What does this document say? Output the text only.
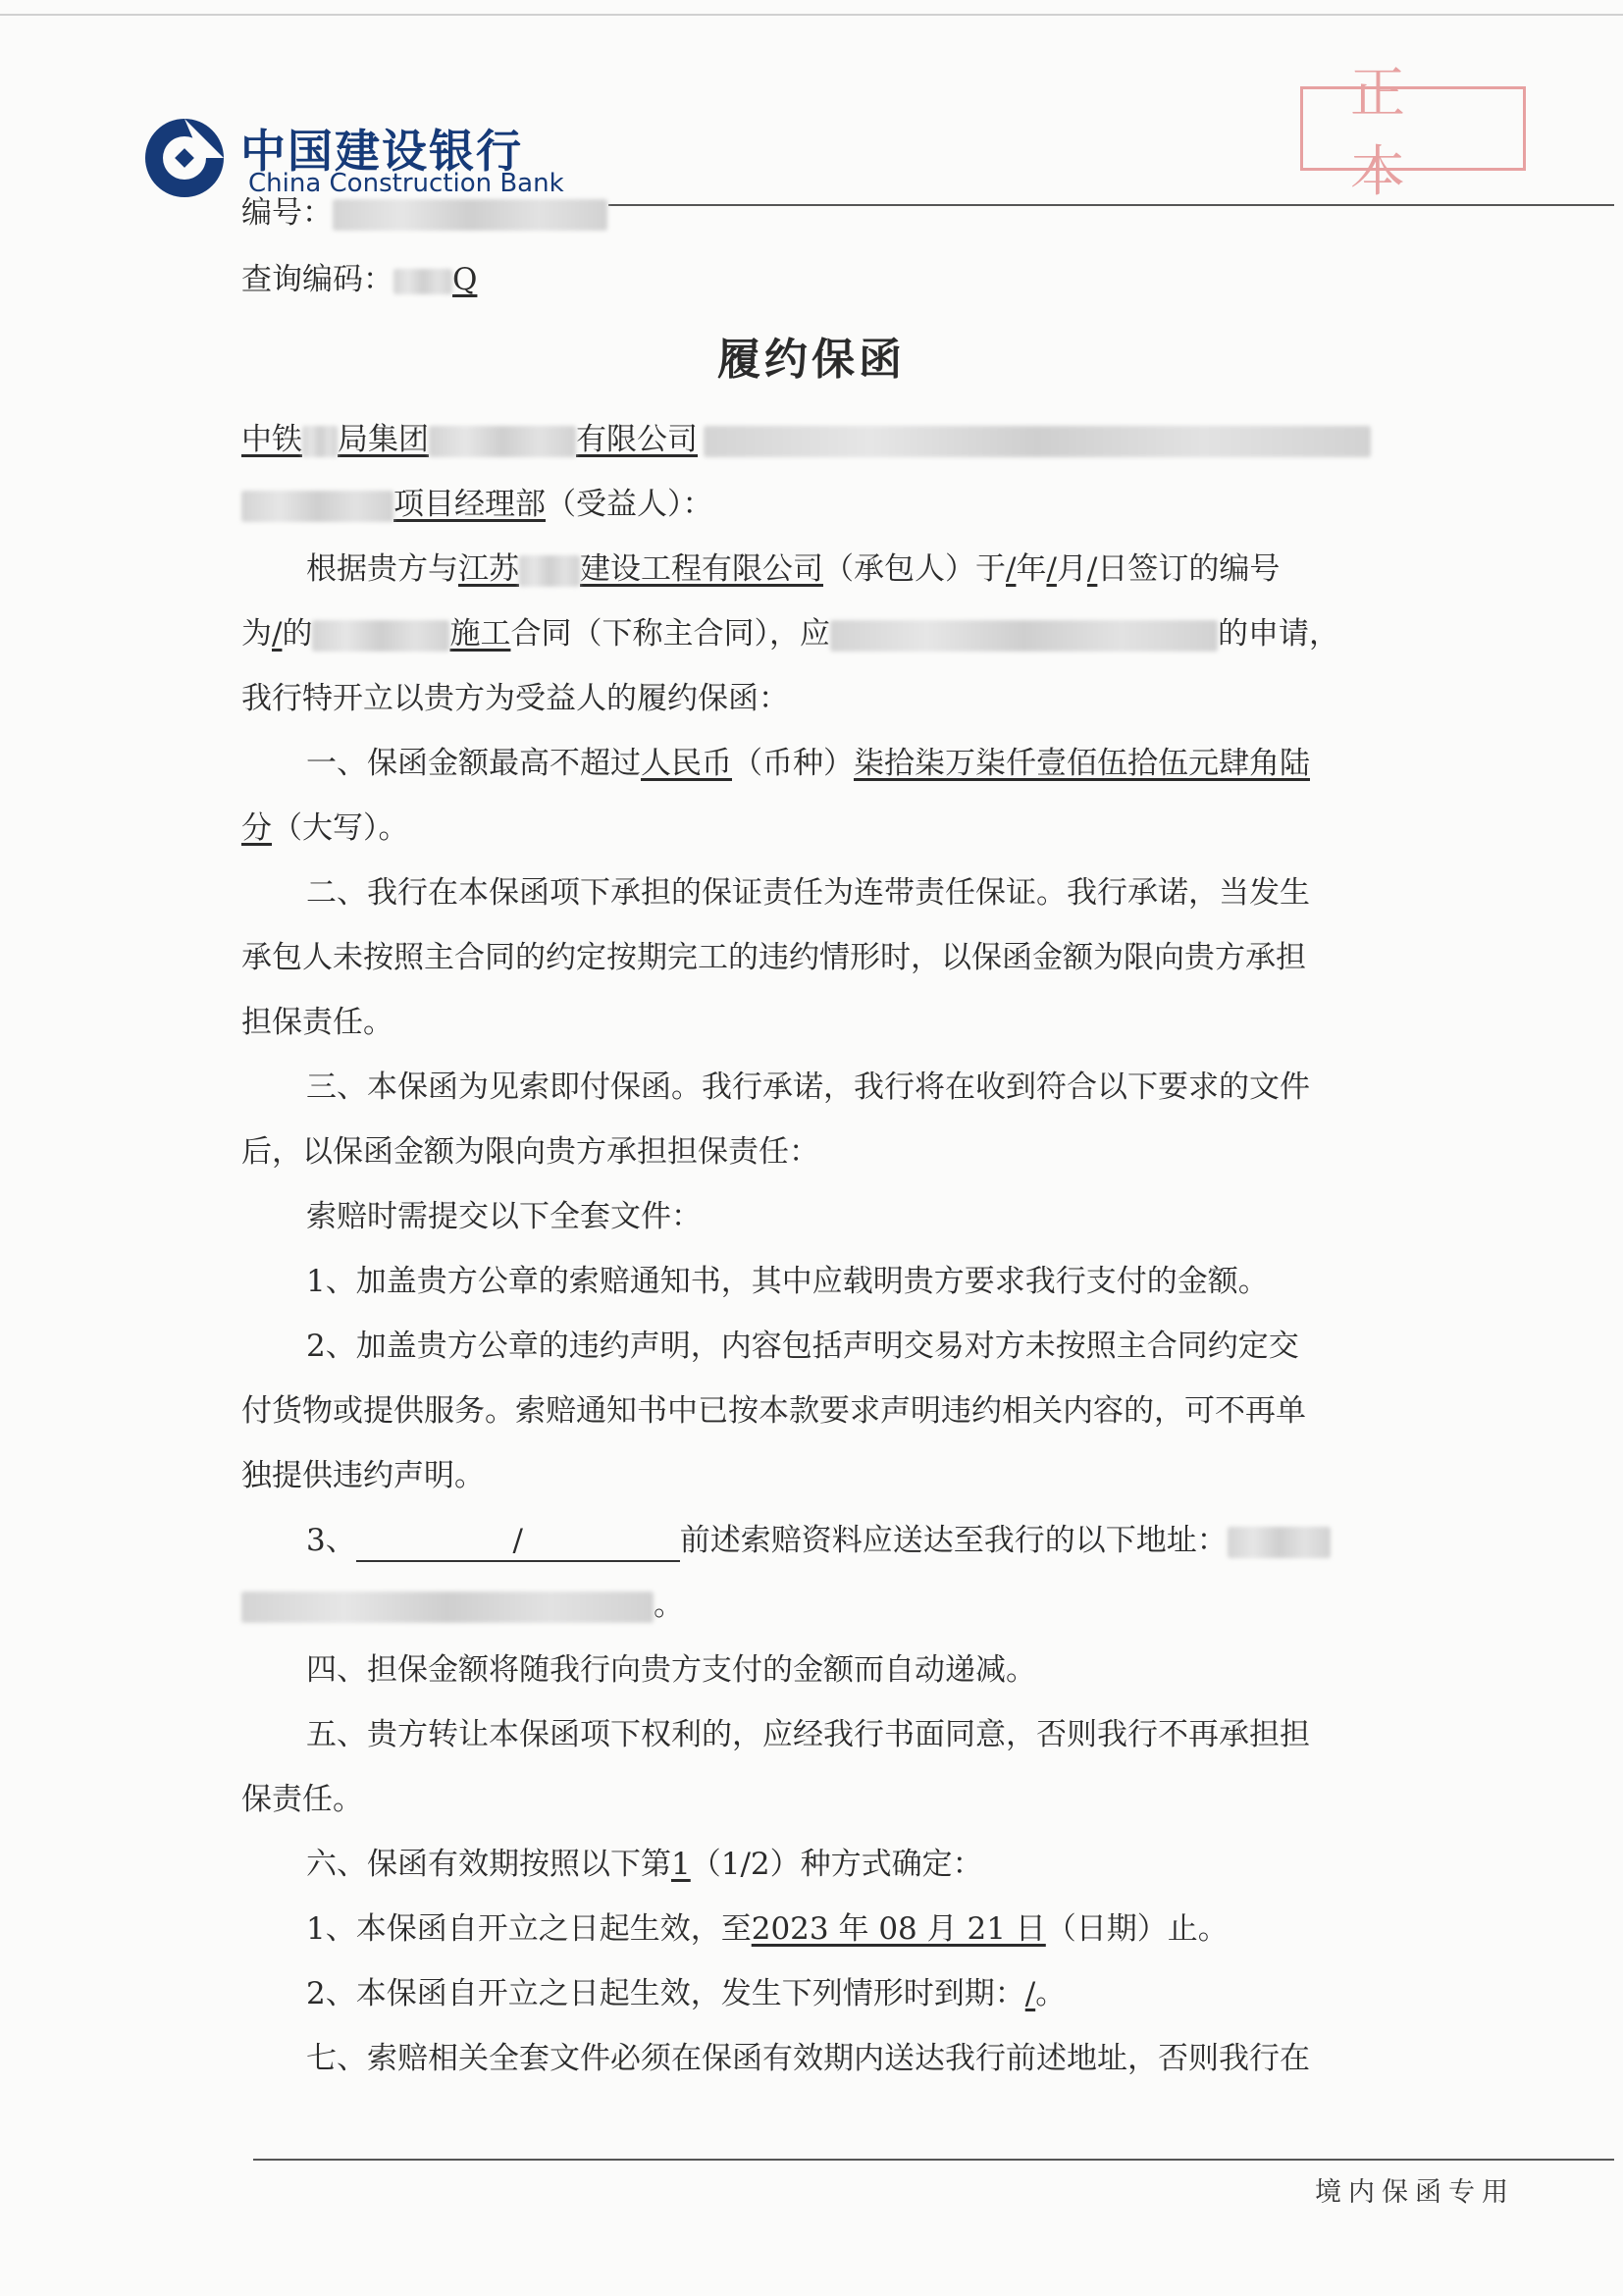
中国建设银行
China Construction Bank
正本
编号：
查询编码： Q
履约保函
中铁 局集团	有限公司
项目经理部（受益人）：
根据贵方与江苏 建设工程有限公司（承包人）于/年/月/日签订的编号
为/的	施工合同（下称主合同），应	的申请，
我行特开立以贵方为受益人的履约保函：
一、保函金额最高不超过人民币（币种）柒拾柒万柒仟壹佰伍拾伍元肆角陆
分（大写）。
二、我行在本保函项下承担的保证责任为连带责任保证。我行承诺，当发生
承包人未按照主合同的约定按期完工的违约情形时，以保函金额为限向贵方承担
担保责任。
三、本保函为见索即付保函。我行承诺，我行将在收到符合以下要求的文件
后，以保函金额为限向贵方承担担保责任：
索赔时需提交以下全套文件：
1、加盖贵方公章的索赔通知书，其中应载明贵方要求我行支付的金额。
2、加盖贵方公章的违约声明，内容包括声明交易对方未按照主合同约定交
付货物或提供服务。索赔通知书中已按本款要求声明违约相关内容的，可不再单
独提供违约声明。
3、	/	前述索赔资料应送达至我行的以下地址：
。
四、担保金额将随我行向贵方支付的金额而自动递减。
五、贵方转让本保函项下权利的，应经我行书面同意，否则我行不再承担担
保责任。
六、保函有效期按照以下第1（1/2）种方式确定：
1、本保函自开立之日起生效，至2023 年 08 月 21 日（日期）止。
2、本保函自开立之日起生效，发生下列情形时到期：/。
七、索赔相关全套文件必须在保函有效期内送达我行前述地址，否则我行在
境内保函专用
